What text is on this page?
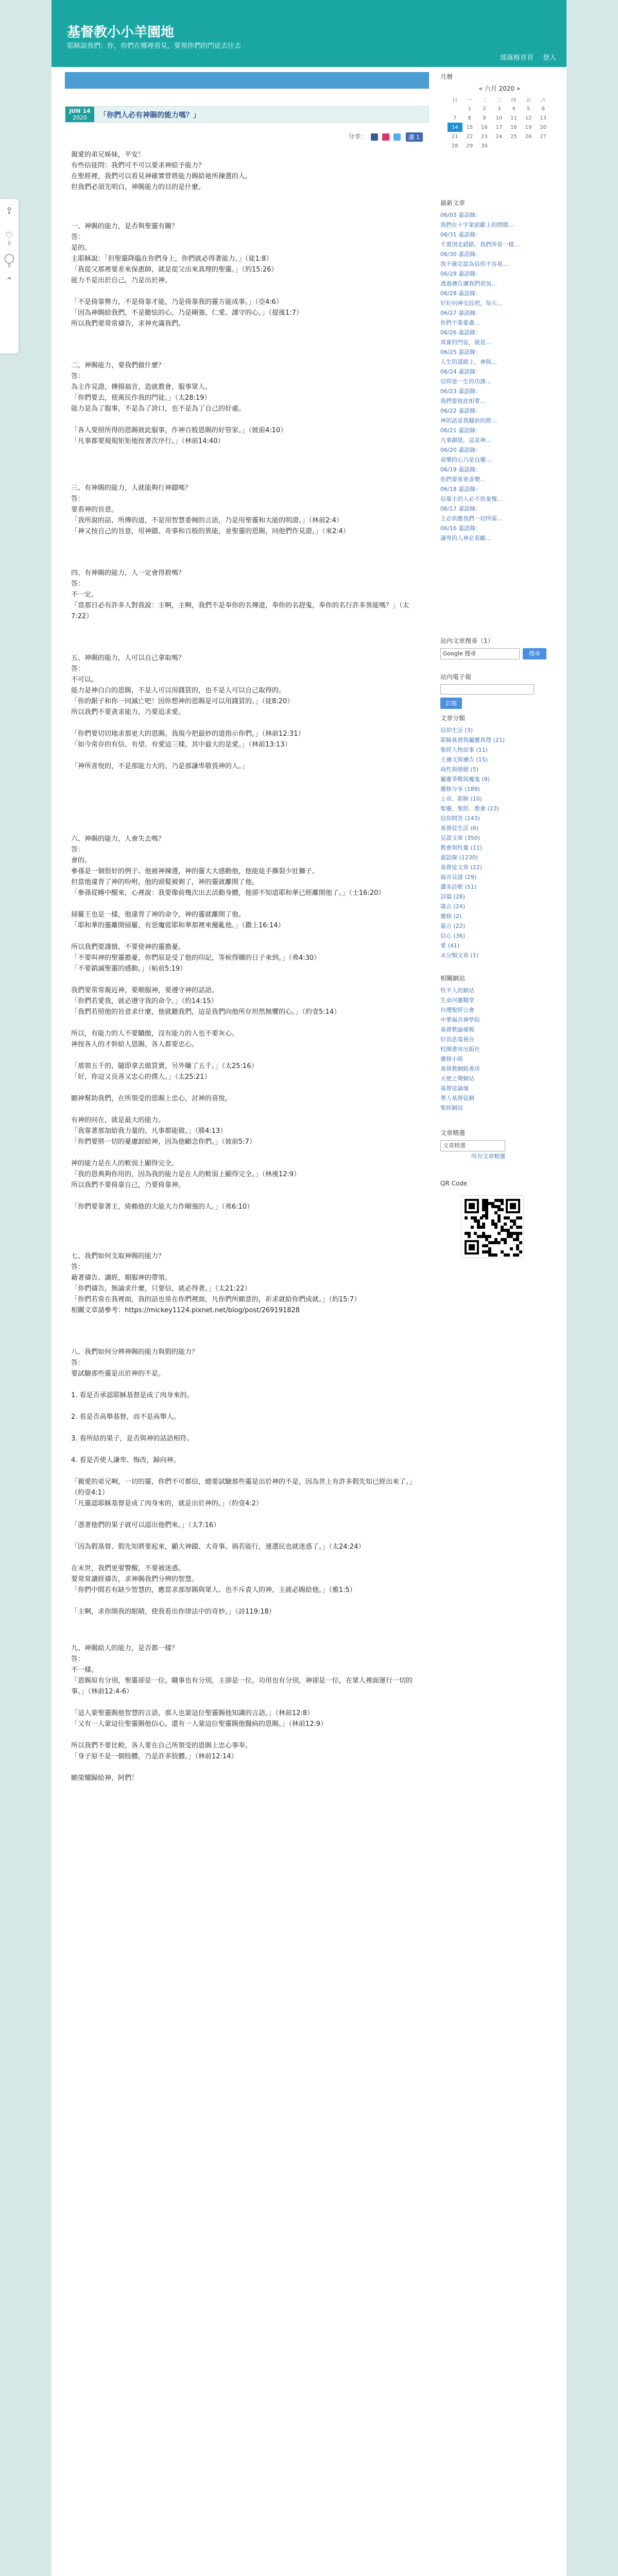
⇪
♡
0
◯
0
⌃
基督教小小羊園地
耶穌說我們：你，你們在哪裡看見，要領你們的門徒去往去
部落格首頁 登入
JUN 14
2020	「你們人必有神賜的能力嗎？」
分享：	讚 1

親愛的弟兄姊妹，平安！

有些信徒問：我們可不可以要求神給予能力？

在聖經裡，我們可以看見神確實曾將能力賜給祂所揀選的人。

但我們必須先明白，神賜能力的目的是什麼。

一、神賜的能力，是否與聖靈有關？

答：

是的。

主耶穌說：「但聖靈降臨在你們身上，你們就必得著能力。」（徒1:8）

「我從父那裡要差來保惠師，就是從父出來真理的聖靈。」（約15:26）

能力不是出於自己，乃是出於神。

「不是倚靠勢力，不是倚靠才能，乃是倚靠我的靈方能成事。」（亞4:6）

「因為神賜給我們，不是膽怯的心，乃是剛強、仁愛、謹守的心。」（提後1:7）

所以我們要常常禱告，求神充滿我們。

二、神賜能力，要我們做什麼？

答：

為主作見證，傳揚福音，造就教會，服事眾人。

「你們要去，使萬民作我的門徒。」（太28:19）

能力是為了服事，不是為了誇口，也不是為了自己的好處。

「各人要照所得的恩賜彼此服事，作神百般恩賜的好管家。」（彼前4:10）

「凡事都要規規矩矩地按著次序行。」（林前14:40）

三、有神賜的能力，人就能夠行神蹟嗎？

答：

要看神的旨意。

「我所說的話、所傳的道，不是用智慧委婉的言語，乃是用聖靈和大能的明證。」（林前2:4）

「神又按自己的旨意，用神蹟、奇事和百般的異能，並聖靈的恩賜，同他們作見證。」（來2:4）

四、有神賜的能力，人一定會得救嗎？

答：

不一定。

「當那日必有許多人對我說：主啊，主啊，我們不是奉你的名傳道，奉你的名趕鬼，奉你的名行許多異能嗎？」（太7:22）

五、神賜的能力，人可以自己拿取嗎？

答：

不可以。

能力是神白白的恩賜，不是人可以用錢買的，也不是人可以自己取得的。

「你的銀子和你一同滅亡吧！因你想神的恩賜是可以用錢買的。」（徒8:20）

所以我們不要貪求能力，乃要追求愛。

「你們要切切地求那更大的恩賜。我現今把最妙的道指示你們。」（林前12:31）

「如今常存的有信、有望、有愛這三樣，其中最大的是愛。」（林前13:13）

「神所喜悅的，不是那能力大的，乃是那謙卑敬畏神的人。」

六、神賜的能力，人會失去嗎？

答：

會的。

參孫是一個很好的例子。他被神揀選，神的靈大大感動他，他能徒手撕裂少壯獅子。

但當他違背了神的吩咐，他的頭髮被剃了，神的靈就離開了他。

「參孫從睡中醒來，心裡說：我要像前幾次出去活動身體，他卻不知道耶和華已經離開他了。」（士16:20）

掃羅王也是一樣，他違背了神的命令，神的靈就離開了他。

「耶和華的靈離開掃羅，有惡魔從耶和華那裡來擾亂他。」（撒上16:14）

所以我們要謹慎，不要使神的靈擔憂。

「不要叫神的聖靈擔憂，你們原是受了他的印記，等候得贖的日子來到。」（弗4:30）

「不要銷滅聖靈的感動。」（帖前5:19）

我們要常常親近神，要順服神，要遵守神的話語。

「你們若愛我，就必遵守我的命令。」（約14:15）

「我們若照他的旨意求什麼，他就聽我們，這是我們向他所存坦然無懼的心。」（約壹5:14）

所以，有能力的人不要驕傲，沒有能力的人也不要灰心。

神按各人的才幹給人恩賜，各人都要忠心。

「那領五千的，隨即拿去做買賣，另外賺了五千。」（太25:16）

「好，你這又良善又忠心的僕人。」（太25:21）

願神幫助我們，在所領受的恩賜上忠心，討神的喜悅。

有神的同在，就是最大的能力。

「我靠著那加給我力量的，凡事都能做。」（腓4:13）

「你們要將一切的憂慮卸給神，因為他顧念你們。」（彼前5:7）

神的能力是在人的軟弱上顯得完全。

「我的恩典夠你用的，因為我的能力是在人的軟弱上顯得完全。」（林後12:9）

所以我們不要倚靠自己，乃要倚靠神。

「你們要靠著主，倚賴他的大能大力作剛強的人。」（弗6:10）

七、我們如何支取神賜的能力？

答：

藉著禱告、讀經，順服神的帶領。

「你們禱告，無論求什麼，只要信，就必得著。」（太21:22）

「你們若常在我裡面，我的話也常在你們裡面，凡你們所願意的，祈求就給你們成就。」（約15:7）

相關文章請參考：https://mickey1124.pixnet.net/blog/post/269191828

八、我們如何分辨神賜的能力與假的能力？

答：

要試驗那些靈是出於神的不是。

1. 看是否承認耶穌基督是成了肉身來的。

2. 看是否高舉基督，而不是高舉人。

3. 看所結的果子，是否與神的話語相符。

4. 看是否使人謙卑、悔改，歸向神。

「親愛的弟兄啊，一切的靈，你們不可都信，總要試驗那些靈是出於神的不是，因為世上有許多假先知已經出來了。」（約壹4:1）

「凡靈認耶穌基督是成了肉身來的，就是出於神的。」（約壹4:2）

「憑著他們的果子就可以認出他們來。」（太7:16）

「因為假基督、假先知將要起來，顯大神蹟、大奇事。倘若能行，連選民也就迷惑了。」（太24:24）

在末世，我們更要警醒，不要被迷惑。

要常常讀經禱告，求神賜我們分辨的智慧。

「你們中間若有缺少智慧的，應當求那厚賜與眾人、也不斥責人的神，主就必賜給他。」（雅1:5）

「主啊，求你開我的眼睛，使我看出你律法中的奇妙。」（詩119:18）

九、神賜給人的能力，是否都一樣？

答：

不一樣。

「恩賜原有分別，聖靈卻是一位。職事也有分別，主卻是一位。功用也有分別，神卻是一位，在眾人裡面運行一切的事。」（林前12:4-6）

「這人蒙聖靈賜他智慧的言語，那人也蒙這位聖靈賜他知識的言語。」（林前12:8）

「又有一人蒙這位聖靈賜他信心，還有一人蒙這位聖靈賜他醫病的恩賜。」（林前12:9）

所以我們不要比較，各人要在自己所領受的恩賜上忠心事奉。

「身子原不是一個肢體，乃是許多肢體。」（林前12:14）

願榮耀歸給神，阿們！

月曆
« 六月 2020 »
日	一	二	三	四	五	六
	1	2	3	4	5	6
7	8	9	10	11	12	13
14	15	16	17	18	19	20
21	22	23	24	25	26	27
28	29	30				
最新文章
06/03 嘉語錄：
我們在十字架前獻上的問題…
06/31 嘉語錄：
千萬別走錯路，我們所看一樣…
06/30 嘉語錄：
我不確定認為信仰不容易…
06/29 嘉語錄：
透過禱告讓我們更加…
06/28 嘉語錄：
好好向神交託吧，每天…
06/27 嘉語錄：
你們不要憂慮…
06/26 嘉語錄：
真實的門徒，就是…
06/25 嘉語錄：
人生的道路上，神與…
06/24 嘉語錄：
信仰是一生的功課…
06/23 嘉語錄：
我們要彼此相愛…
06/22 嘉語錄：
神的話是我腳前的燈…
06/21 嘉語錄：
凡事謝恩，這是神…
06/20 嘉語錄：
喜樂的心乃是良藥…
06/19 嘉語錄：
你們要常常喜樂…
06/18 嘉語錄：
信靠主的人必不致羞愧…
06/17 嘉語錄：
主必供應我們一切所需…
06/16 嘉語錄：
謙卑的人神必看顧…
站內文章搜尋（1）
Google 搜尋	搜尋
站內電子報
訂閱
文章分類
信仰生活 (3)
耶穌基督與屬靈真理 (21)
聖經人物故事 (11)
主禱文與禱告 (15)
兩性與婚姻 (5)
屬靈爭戰與魔鬼 (9)
靈修分享 (189)
上帝、耶穌 (10)
聖靈、聖經、教會 (23)
信仰問答 (143)
基督徒生活 (6)
見證文章 (350)
教會與牧養 (11)
嘉語錄 (1230)
基督徒文章 (22)
福音見證 (29)
讚美詩歌 (51)
詩篇 (28)
箴言 (24)
靈修 (2)
嘉言 (22)
信心 (36)
愛 (41)
未分類文章 (1)
相關網站
牧羊人的網站
生命河靈糧堂
台灣聖經公會
中華福音神學院
基督教論壇報
好消息電視台
校園書房出版社
靈修小組
基督教網路書房
天使之聲網站
基督徒論壇
華人基督徒網
聖經網站
文章精選
文章精選
所有文章精選
QR Code
